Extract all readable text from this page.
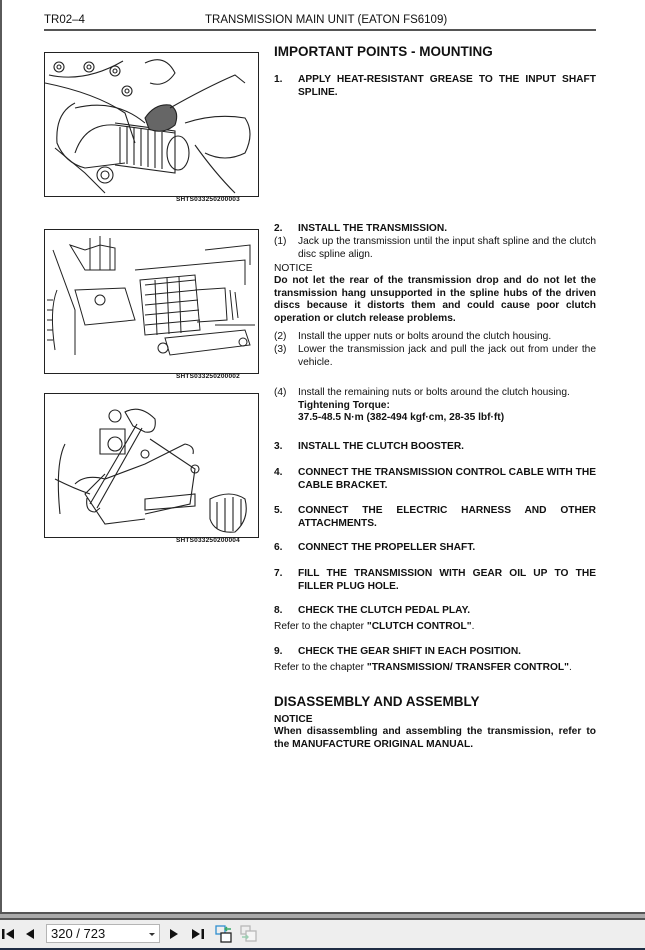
TR02–4	TRANSMISSION MAIN UNIT (EATON FS6109)
SHTS033250200003
SHTS033250200002
SHTS033250200004
IMPORTANT POINTS - MOUNTING
1. APPLY HEAT-RESISTANT GREASE TO THE INPUT SHAFT SPLINE.
2. INSTALL THE TRANSMISSION.
(1) Jack up the transmission until the input shaft spline and the clutch disc spline align.
NOTICE
Do not let the rear of the transmission drop and do not let the transmission hang unsupported in the spline hubs of the driven discs because it distorts them and could cause poor clutch operation or clutch release problems.
(2) Install the upper nuts or bolts around the clutch housing.
(3) Lower the transmission jack and pull the jack out from under the vehicle.
(4) Install the remaining nuts or bolts around the clutch housing.
Tightening Torque:
37.5-48.5 N·m (382-494 kgf·cm, 28-35 lbf·ft)
3. INSTALL THE CLUTCH BOOSTER.
4. CONNECT THE TRANSMISSION CONTROL CABLE WITH THE CABLE BRACKET.
5. CONNECT THE ELECTRIC HARNESS AND OTHER ATTACHMENTS.
6. CONNECT THE PROPELLER SHAFT.
7. FILL THE TRANSMISSION WITH GEAR OIL UP TO THE FILLER PLUG HOLE.
8. CHECK THE CLUTCH PEDAL PLAY.
Refer to the chapter "CLUTCH CONTROL".
9. CHECK THE GEAR SHIFT IN EACH POSITION.
Refer to the chapter "TRANSMISSION/ TRANSFER CONTROL".
DISASSEMBLY AND ASSEMBLY
NOTICE
When disassembling and assembling the transmission, refer to the MANUFACTURE ORIGINAL MANUAL.
320 / 723
